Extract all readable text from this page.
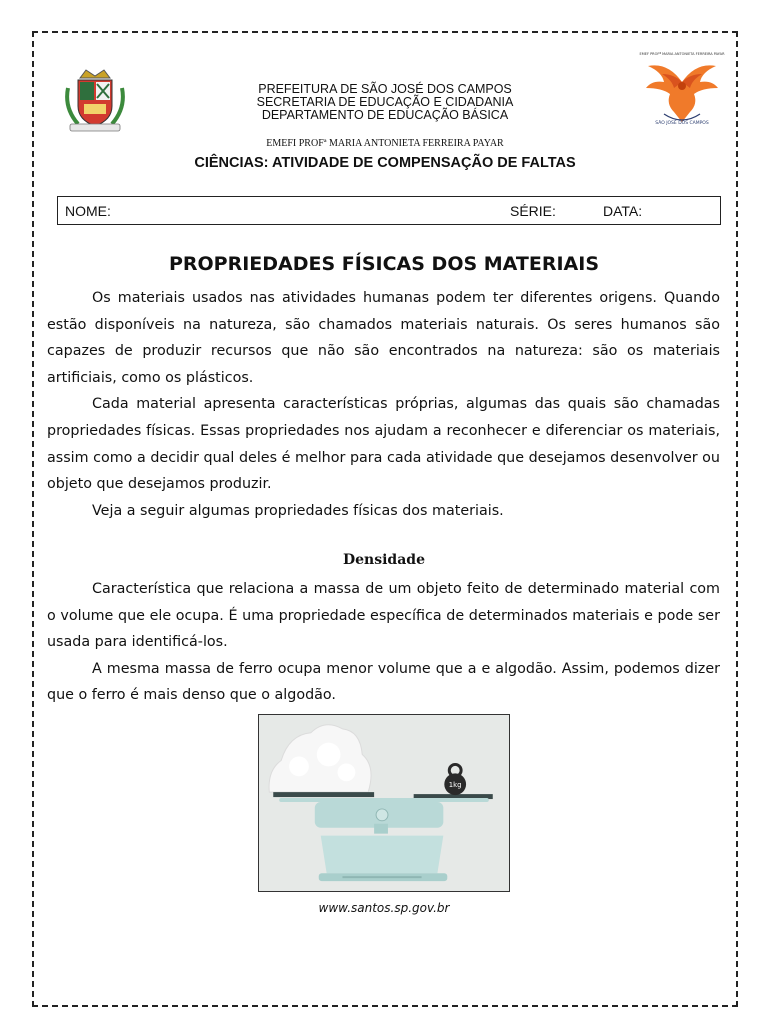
EMEF PROFª MARIA ANTONIETA FERREIRA PAYAR
SÃO JOSÉ DOS CAMPOS
PREFEITURA DE SÃO JOSÉ DOS CAMPOS
SECRETARIA DE EDUCAÇÃO E CIDADANIA
DEPARTAMENTO DE EDUCAÇÃO BÁSICA
EMEFI PROFª MARIA ANTONIETA FERREIRA PAYAR
CIÊNCIAS: ATIVIDADE DE COMPENSAÇÃO DE FALTAS
NOME:	SÉRIE:	DATA:
PROPRIEDADES FÍSICAS DOS MATERIAIS

Os materiais usados nas atividades humanas podem ter diferentes origens. Quando estão disponíveis na natureza, são chamados materiais naturais. Os seres humanos são capazes de produzir recursos que não são encontrados na natureza: são os materiais artificiais, como os plásticos.

Cada material apresenta características próprias, algumas das quais são chamadas propriedades físicas. Essas propriedades nos ajudam a reconhecer e diferenciar os materiais, assim como a decidir qual deles é melhor para cada atividade que desejamos desenvolver ou objeto que desejamos produzir.

Veja a seguir algumas propriedades físicas dos materiais.

Densidade

Característica que relaciona a massa de um objeto feito de determinado material com o volume que ele ocupa. É uma propriedade específica de determinados materiais e pode ser usada para identificá-los.

A mesma massa de ferro ocupa menor volume que a e algodão. Assim, podemos dizer que o ferro é mais denso que o algodão.

1kg
www.santos.sp.gov.br
